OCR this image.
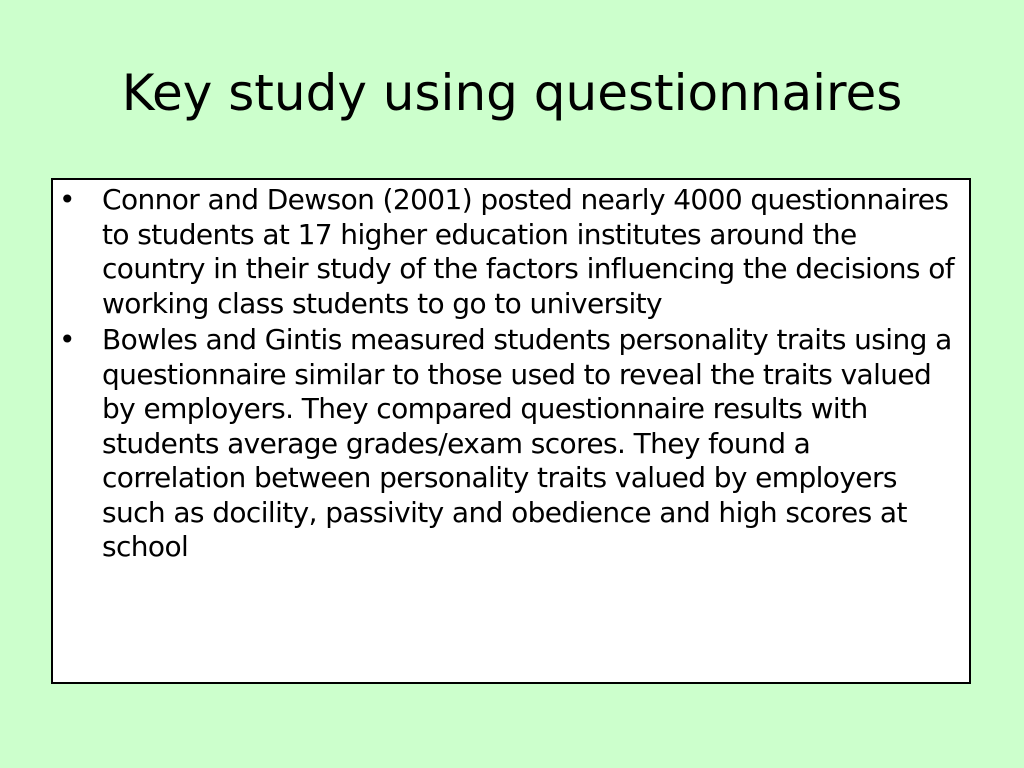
Key study using questionnaires
• Connor and Dewson (2001) posted nearly 4000 questionnaires to students at 17 higher education institutes around the country in their study of the factors influencing the decisions of working class students to go to university
• Bowles and Gintis measured students personality traits using a questionnaire similar to those used to reveal the traits valued by employers. They compared questionnaire results with students average grades/exam scores. They found a correlation between personality traits valued by employers such as docility, passivity and obedience and high scores at school
